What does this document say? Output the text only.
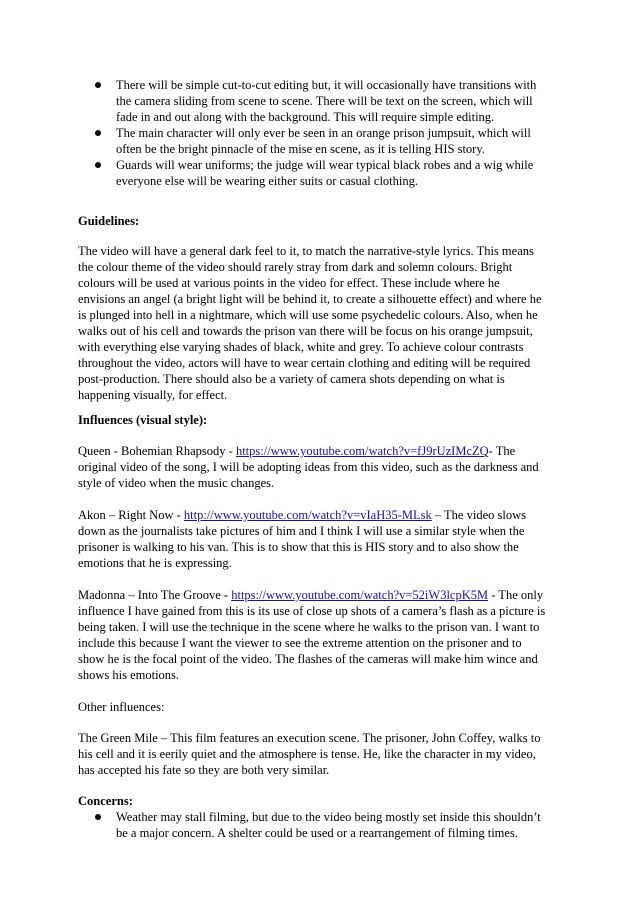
There will be simple cut-to-cut editing but, it will occasionally have transitions with
the camera sliding from scene to scene. There will be text on the screen, which will
fade in and out along with the background. This will require simple editing.
The main character will only ever be seen in an orange prison jumpsuit, which will
often be the bright pinnacle of the mise en scene, as it is telling HIS story.
Guards will wear uniforms; the judge will wear typical black robes and a wig while
everyone else will be wearing either suits or casual clothing.
Guidelines:
The video will have a general dark feel to it, to match the narrative-style lyrics. This means
the colour theme of the video should rarely stray from dark and solemn colours. Bright
colours will be used at various points in the video for effect. These include where he
envisions an angel (a bright light will be behind it, to create a silhouette effect) and where he
is plunged into hell in a nightmare, which will use some psychedelic colours. Also, when he
walks out of his cell and towards the prison van there will be focus on his orange jumpsuit,
with everything else varying shades of black, white and grey. To achieve colour contrasts
throughout the video, actors will have to wear certain clothing and editing will be required
post-production. There should also be a variety of camera shots depending on what is
happening visually, for effect.
Influences (visual style):
Queen - Bohemian Rhapsody - https://www.youtube.com/watch?v=fJ9rUzIMcZQ- The
original video of the song, I will be adopting ideas from this video, such as the darkness and
style of video when the music changes.
Akon – Right Now - http://www.youtube.com/watch?v=vIaH35-MLsk – The video slows
down as the journalists take pictures of him and I think I will use a similar style when the
prisoner is walking to his van. This is to show that this is HIS story and to also show the
emotions that he is expressing.
Madonna – Into The Groove - https://www.youtube.com/watch?v=52iW3lcpK5M - The only
influence I have gained from this is its use of close up shots of a camera’s flash as a picture is
being taken. I will use the technique in the scene where he walks to the prison van. I want to
include this because I want the viewer to see the extreme attention on the prisoner and to
show he is the focal point of the video. The flashes of the cameras will make him wince and
shows his emotions.
Other influences:
The Green Mile – This film features an execution scene. The prisoner, John Coffey, walks to
his cell and it is eerily quiet and the atmosphere is tense. He, like the character in my video,
has accepted his fate so they are both very similar.
Concerns:
Weather may stall filming, but due to the video being mostly set inside this shouldn’t
be a major concern. A shelter could be used or a rearrangement of filming times.
